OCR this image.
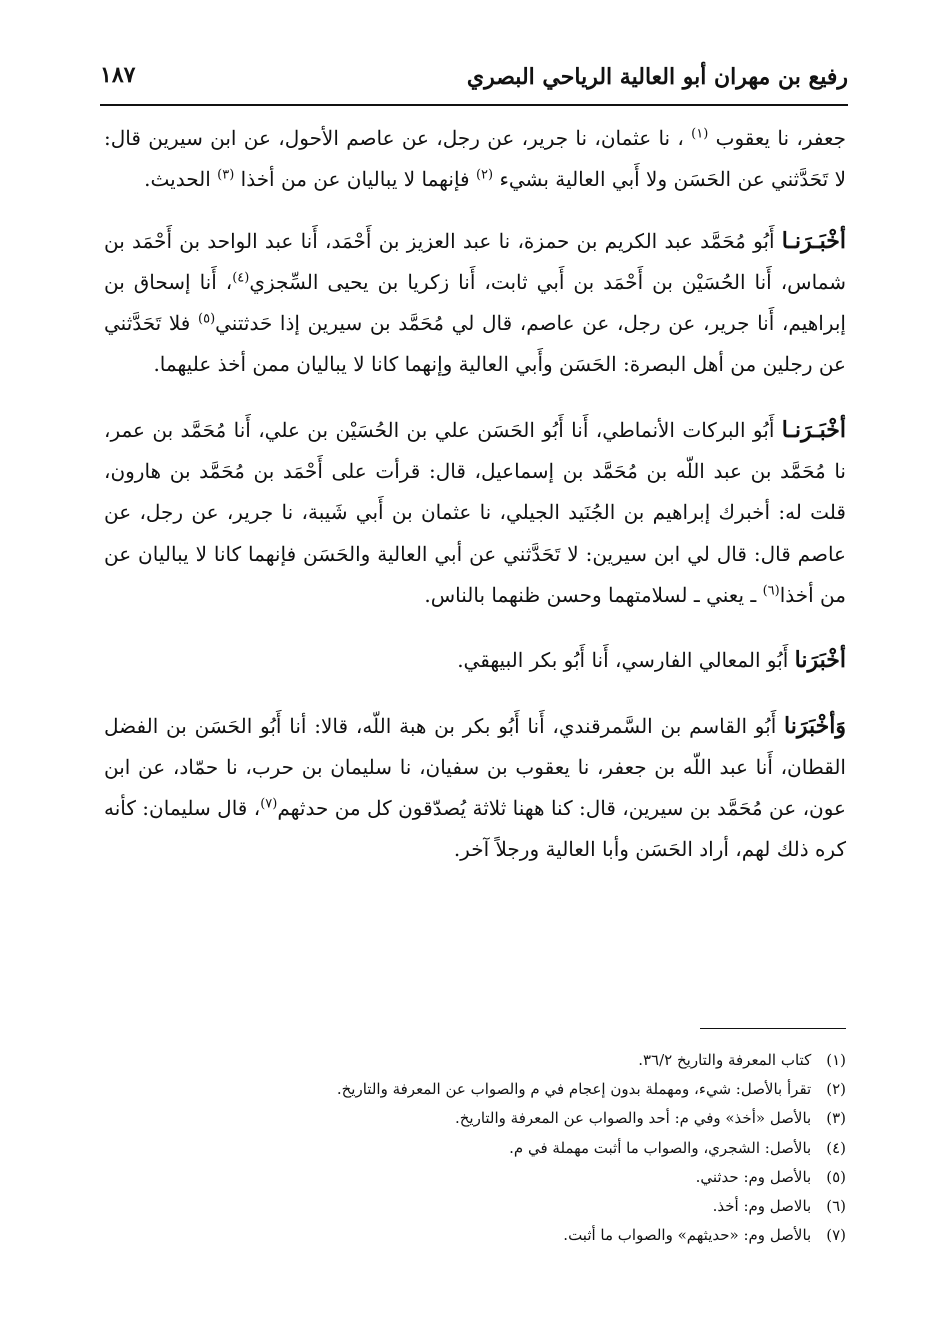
رفيع بن مهران أبو العالية الرياحي البصري
١٨٧

جعفر، نا يعقوب $^{(١)}$ ، نا عثمان، نا جرير، عن رجل، عن عاصم الأحول، عن ابن سيرين قال: لا تَحَدَّثني عن الحَسَن ولا أَبي العالية بشيء $^{(٢)}$ فإنهما لا يباليان عن من أخذا $^{(٣)}$ الحديث.

أخْبَـرَنـا أَبُو مُحَمَّد عبد الكريم بن حمزة، نا عبد العزيز بن أَحْمَد، أَنا عبد الواحد بن أَحْمَد بن شماس، أَنا الحُسَيْن بن أَحْمَد بن أَبي ثابت، أَنا زكريا بن يحيى السِّجزي$^{(٤)}$، أَنا إسحاق بن إبراهيم، أَنا جرير، عن رجل، عن عاصم، قال لي مُحَمَّد بن سيرين إذا حَدثتني$^{(٥)}$ فلا تَحَدَّثني عن رجلين من أهل البصرة: الحَسَن وأَبي العالية وإنهما كانا لا يباليان ممن أخذ عليهما.

أخْبَـرَنـا أَبُو البركات الأنماطي، أَنا أَبُو الحَسَن علي بن الحُسَيْن بن علي، أَنا مُحَمَّد بن عمر، نا مُحَمَّد بن عبد اللّه بن مُحَمَّد بن إسماعيل، قال: قرأت على أَحْمَد بن مُحَمَّد بن هارون، قلت له: أخبرك إبراهيم بن الجُنَيد الجيلي، نا عثمان بن أَبي شَيبة، نا جرير، عن رجل، عن عاصم قال: قال لي ابن سيرين: لا تَحَدَّثني عن أبي العالية والحَسَن فإنهما كانا لا يباليان عن من أخذا$^{(٦)}$ ـ يعني ـ لسلامتهما وحسن ظنهما بالناس.

أخْبَرَنا أَبُو المعالي الفارسي، أَنا أَبُو بكر البيهقي.

وَأخْبَرَنا أَبُو القاسم بن السَّمرقندي، أَنا أَبُو بكر بن هبة اللّه، قالا: أنا أَبُو الحَسَن بن الفضل القطان، أَنا عبد اللّه بن جعفر، نا يعقوب بن سفيان، نا سليمان بن حرب، نا حمّاد، عن ابن عون، عن مُحَمَّد بن سيرين، قال: كنا ههنا ثلاثة يُصدّقون كل من حدثهم$^{(٧)}$، قال سليمان: كأنه كره ذلك لهم، أراد الحَسَن وأبا العالية ورجلاً آخر.

(١) كتاب المعرفة والتاريخ ٣٦/٢.
(٢) تقرأ بالأصل: شيء، ومهملة بدون إعجام في م والصواب عن المعرفة والتاريخ.
(٣) بالأصل «أخذ» وفي م: أحد والصواب عن المعرفة والتاريخ.
(٤) بالأصل: الشجري، والصواب ما أثبت مهملة في م.
(٥) بالأصل وم: حدثني.
(٦) بالاصل وم: أخذ.
(٧) بالأصل وم: «حديثهم» والصواب ما أثبت.
